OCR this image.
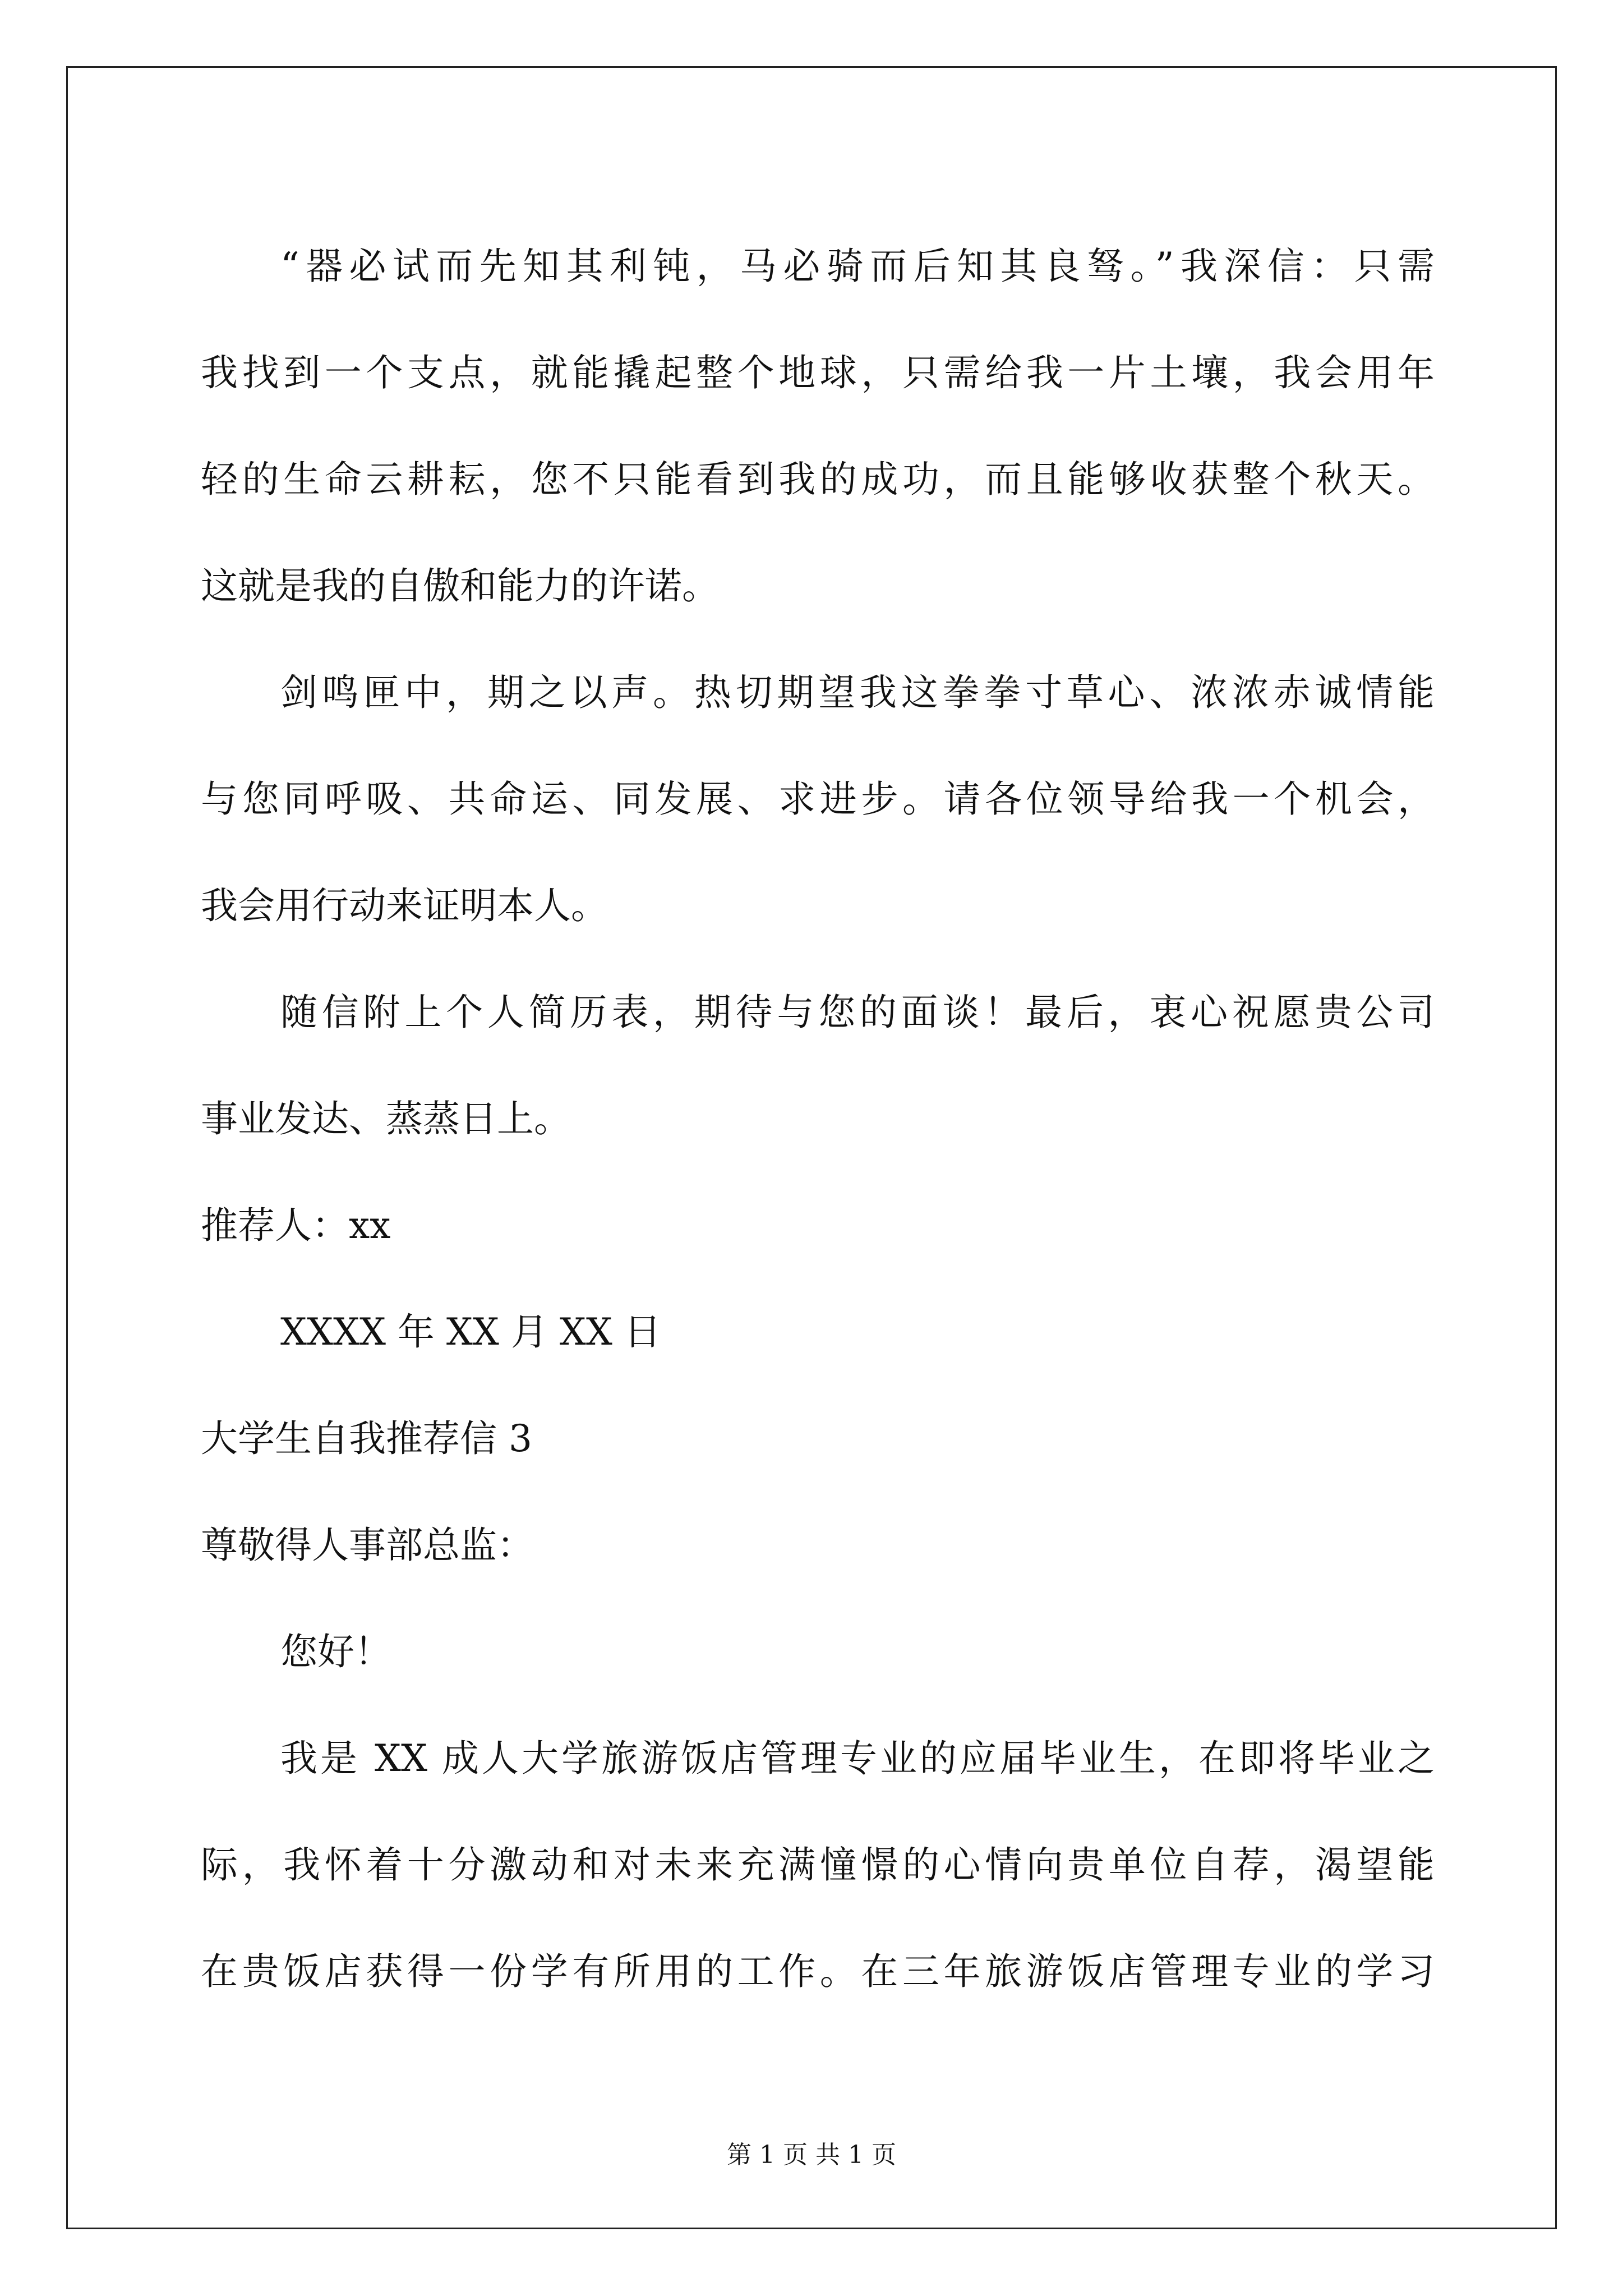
“器必试而先知其利钝，马必骑而后知其良驽。”我深信：只需
我找到一个支点，就能撬起整个地球，只需给我一片土壤，我会用年
轻的生命云耕耘，您不只能看到我的成功，而且能够收获整个秋天。
这就是我的自傲和能力的许诺。
剑鸣匣中，期之以声。热切期望我这拳拳寸草心、浓浓赤诚情能
与您同呼吸、共命运、同发展、求进步。请各位领导给我一个机会，
我会用行动来证明本人。
随信附上个人简历表，期待与您的面谈！最后，衷心祝愿贵公司
事业发达、蒸蒸日上。
推荐人：xx
XXXX 年 XX 月 XX 日
大学生自我推荐信 3
尊敬得人事部总监：
您好！
我是 XX 成人大学旅游饭店管理专业的应届毕业生，在即将毕业之
际，我怀着十分激动和对未来充满憧憬的心情向贵单位自荐，渴望能
在贵饭店获得一份学有所用的工作。在三年旅游饭店管理专业的学习
第 1 页 共 1 页
